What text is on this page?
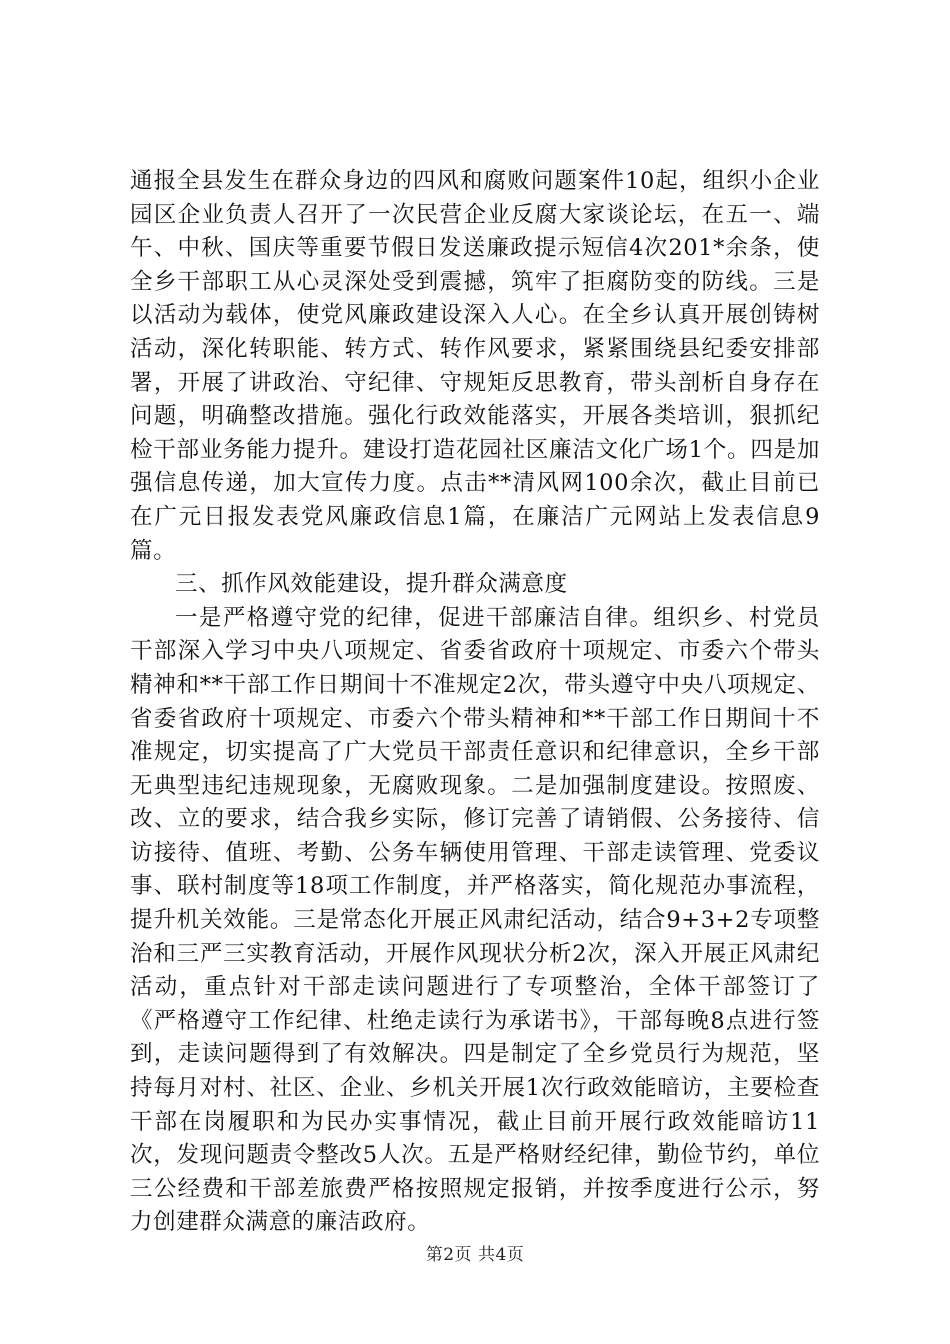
通报全县发生在群众身边的四风和腐败问题案件10起，组织小企业园区企业负责人召开了一次民营企业反腐大家谈论坛，在五一、端午、中秋、国庆等重要节假日发送廉政提示短信4次201*余条，使全乡干部职工从心灵深处受到震撼，筑牢了拒腐防变的防线。三是以活动为载体，使党风廉政建设深入人心。在全乡认真开展创铸树活动，深化转职能、转方式、转作风要求，紧紧围绕县纪委安排部署，开展了讲政治、守纪律、守规矩反思教育，带头剖析自身存在问题，明确整改措施。强化行政效能落实，开展各类培训，狠抓纪检干部业务能力提升。建设打造花园社区廉洁文化广场1个。四是加强信息传递，加大宣传力度。点击**清风网100余次，截止目前已在广元日报发表党风廉政信息1篇，在廉洁广元网站上发表信息9篇。

三、抓作风效能建设，提升群众满意度

一是严格遵守党的纪律，促进干部廉洁自律。组织乡、村党员干部深入学习中央八项规定、省委省政府十项规定、市委六个带头精神和**干部工作日期间十不准规定2次，带头遵守中央八项规定、省委省政府十项规定、市委六个带头精神和**干部工作日期间十不准规定，切实提高了广大党员干部责任意识和纪律意识，全乡干部无典型违纪违规现象，无腐败现象。二是加强制度建设。按照废、改、立的要求，结合我乡实际，修订完善了请销假、公务接待、信访接待、值班、考勤、公务车辆使用管理、干部走读管理、党委议事、联村制度等18项工作制度，并严格落实，简化规范办事流程，提升机关效能。三是常态化开展正风肃纪活动，结合9+3+2专项整治和三严三实教育活动，开展作风现状分析2次，深入开展正风肃纪活动，重点针对干部走读问题进行了专项整治，全体干部签订了《严格遵守工作纪律、杜绝走读行为承诺书》，干部每晚8点进行签到，走读问题得到了有效解决。四是制定了全乡党员行为规范，坚持每月对村、社区、企业、乡机关开展1次行政效能暗访，主要检查干部在岗履职和为民办实事情况，截止目前开展行政效能暗访11次，发现问题责令整改5人次。五是严格财经纪律，勤俭节约，单位三公经费和干部差旅费严格按照规定报销，并按季度进行公示，努力创建群众满意的廉洁政府。

第2页 共4页
